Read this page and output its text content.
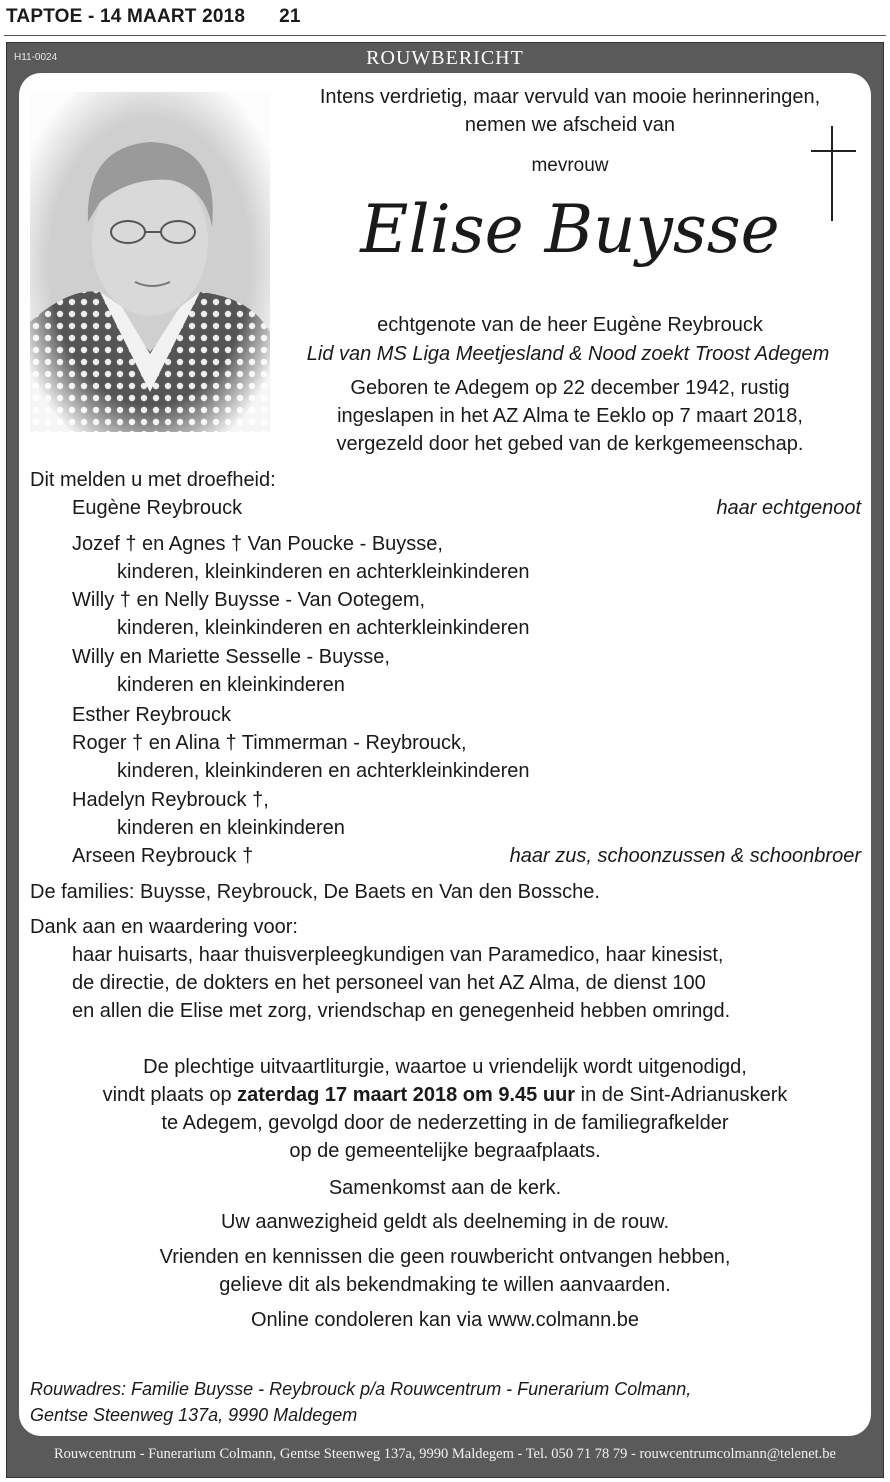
TAPTOE - 14 MAART 2018 21
H11-0024	ROUWBERICHT
Rouwcentrum - Funerarium Colmann, Gentse Steenweg 137a, 9990 Maldegem - Tel. 050 71 78 79 - rouwcentrumcolmann@telenet.be
Intens verdrietig, maar vervuld van mooie herinneringen,
nemen we afscheid van
mevrouw
Elise Buysse
echtgenote van de heer Eugène Reybrouck
Lid van MS Liga Meetjesland & Nood zoekt Troost Adegem
Geboren te Adegem op 22 december 1942, rustig
ingeslapen in het AZ Alma te Eeklo op 7 maart 2018,
vergezeld door het gebed van de kerkgemeenschap.
Dit melden u met droefheid:
Eugène Reybrouck	haar echtgenoot
Jozef † en Agnes † Van Poucke - Buysse,
kinderen, kleinkinderen en achterkleinkinderen
Willy † en Nelly Buysse - Van Ootegem,
kinderen, kleinkinderen en achterkleinkinderen
Willy en Mariette Sesselle - Buysse,
kinderen en kleinkinderen
Esther Reybrouck
Roger † en Alina † Timmerman - Reybrouck,
kinderen, kleinkinderen en achterkleinkinderen
Hadelyn Reybrouck †,
kinderen en kleinkinderen
Arseen Reybrouck †	haar zus, schoonzussen & schoonbroer
De families: Buysse, Reybrouck, De Baets en Van den Bossche.
Dank aan en waardering voor:
haar huisarts, haar thuisverpleegkundigen van Paramedico, haar kinesist,
de directie, de dokters en het personeel van het AZ Alma, de dienst 100
en allen die Elise met zorg, vriendschap en genegenheid hebben omringd.
De plechtige uitvaartliturgie, waartoe u vriendelijk wordt uitgenodigd,
vindt plaats op zaterdag 17 maart 2018 om 9.45 uur in de Sint-Adrianuskerk
te Adegem, gevolgd door de nederzetting in de familiegrafkelder
op de gemeentelijke begraafplaats.
Samenkomst aan de kerk.
Uw aanwezigheid geldt als deelneming in de rouw.
Vrienden en kennissen die geen rouwbericht ontvangen hebben,
gelieve dit als bekendmaking te willen aanvaarden.
Online condoleren kan via www.colmann.be
Rouwadres: Familie Buysse - Reybrouck p/a Rouwcentrum - Funerarium Colmann,
Gentse Steenweg 137a, 9990 Maldegem
